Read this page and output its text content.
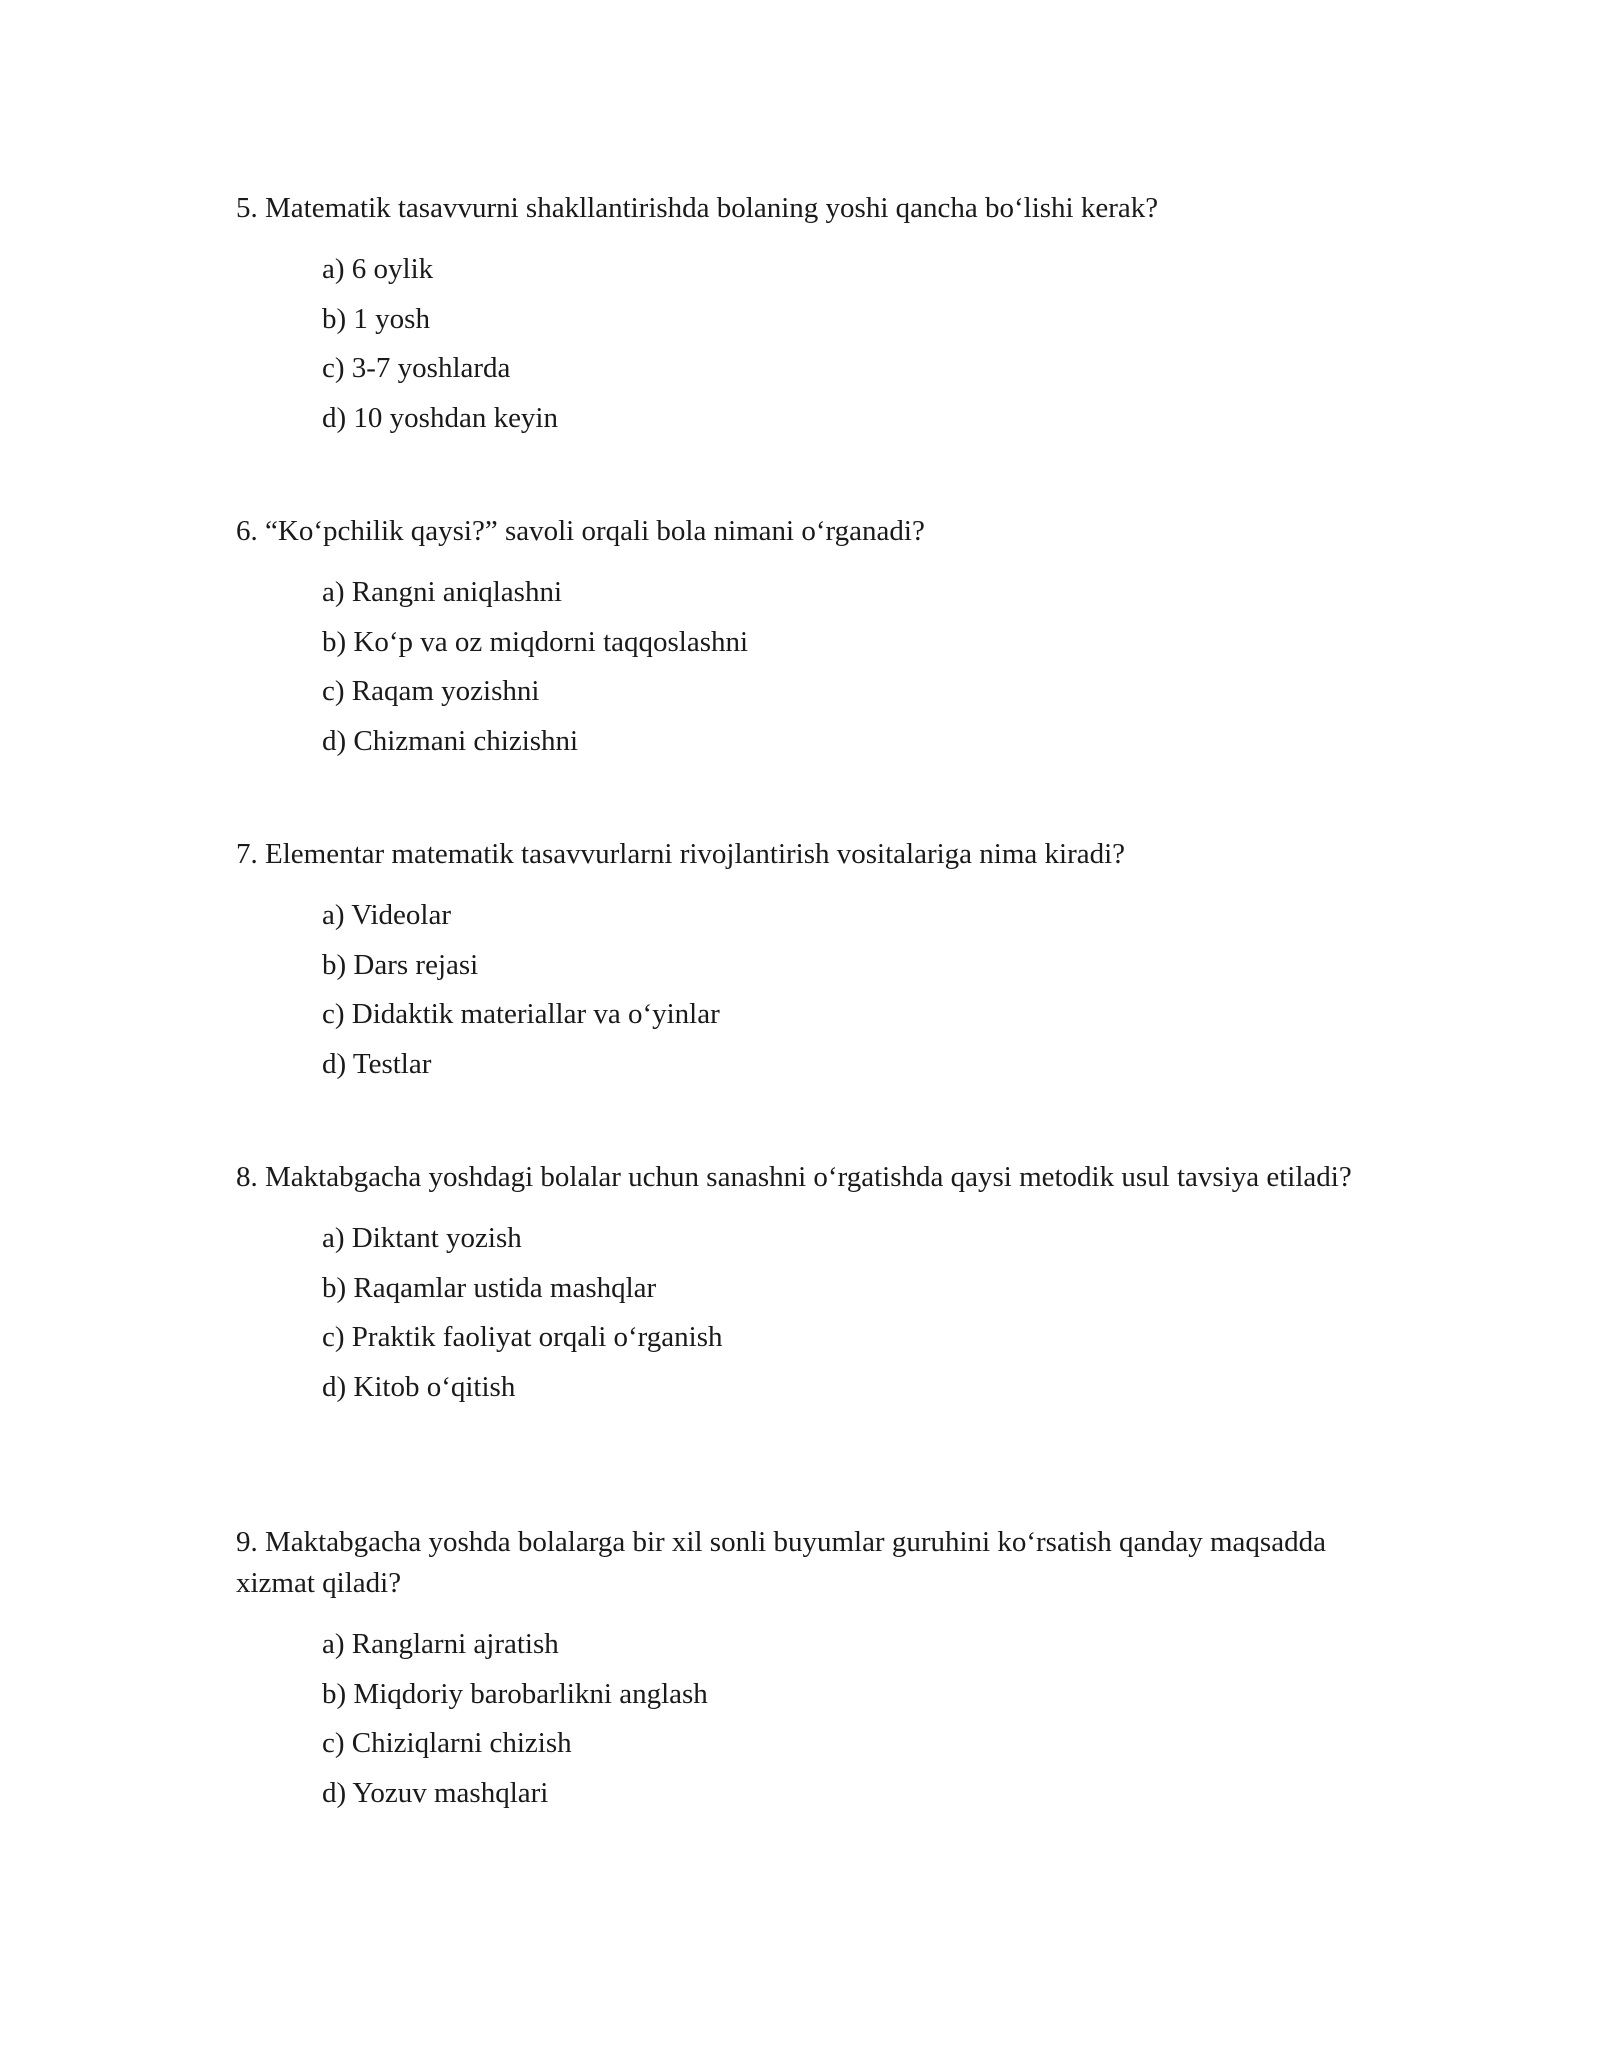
5. Matematik tasavvurni shakllantirishda bolaning yoshi qancha bo‘lishi kerak?

a) 6 oylik
b) 1 yosh
c) 3-7 yoshlarda
d) 10 yoshdan keyin

6. “Ko‘pchilik qaysi?” savoli orqali bola nimani o‘rganadi?

a) Rangni aniqlashni
b) Ko‘p va oz miqdorni taqqoslashni
c) Raqam yozishni
d) Chizmani chizishni

7. Elementar matematik tasavvurlarni rivojlantirish vositalariga nima kiradi?

a) Videolar
b) Dars rejasi
c) Didaktik materiallar va o‘yinlar
d) Testlar

8. Maktabgacha yoshdagi bolalar uchun sanashni o‘rgatishda qaysi metodik usul tavsiya etiladi?

a) Diktant yozish
b) Raqamlar ustida mashqlar
c) Praktik faoliyat orqali o‘rganish
d) Kitob o‘qitish

9. Maktabgacha yoshda bolalarga bir xil sonli buyumlar guruhini ko‘rsatish qanday maqsadda xizmat qiladi?

a) Ranglarni ajratish
b) Miqdoriy barobarlikni anglash
c) Chiziqlarni chizish
d) Yozuv mashqlari
